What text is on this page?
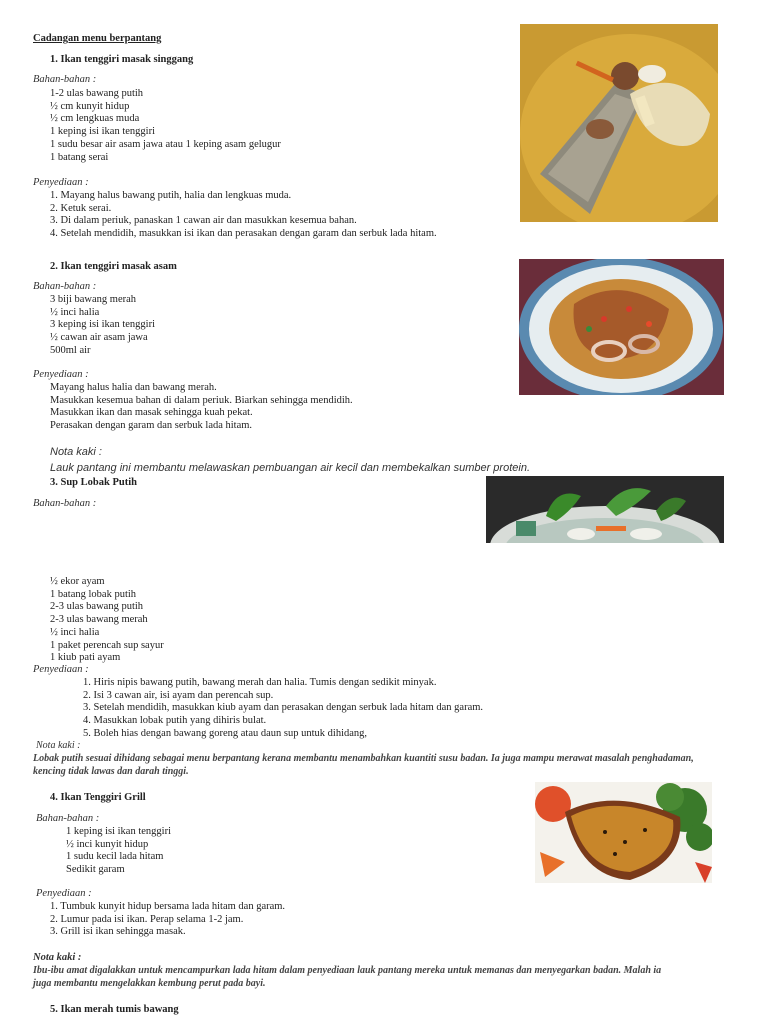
Cadangan menu berpantang
1. Ikan tenggiri masak singgang
Bahan-bahan :
1-2 ulas bawang putih
½ cm kunyit hidup
½ cm lengkuas muda
1 keping isi ikan tenggiri
1 sudu besar air asam jawa atau 1 keping asam gelugur
1 batang serai
Penyediaan :
1. Mayang halus bawang putih, halia dan lengkuas muda.
2. Ketuk serai.
3. Di dalam periuk, panaskan 1 cawan air dan masukkan kesemua bahan.
4. Setelah mendidih, masukkan isi ikan dan perasakan dengan garam dan serbuk lada hitam.
2. Ikan tenggiri masak asam
Bahan-bahan :
3 biji bawang merah
½ inci halia
3 keping isi ikan tenggiri
½ cawan air asam jawa
500ml air
Penyediaan :
Mayang halus halia dan bawang merah.
Masukkan kesemua bahan di dalam periuk. Biarkan sehingga mendidih.
Masukkan ikan dan masak sehingga kuah pekat.
Perasakan dengan garam dan serbuk lada hitam.
Nota kaki :
Lauk pantang ini membantu melawaskan pembuangan air kecil dan membekalkan sumber protein.
3. Sup Lobak Putih
Bahan-bahan :
½ ekor ayam
1 batang lobak putih
2-3 ulas bawang putih
2-3 ulas bawang merah
½ inci halia
1 paket perencah sup sayur
1 kiub pati ayam
Penyediaan :
1. Hiris nipis bawang putih, bawang merah dan halia. Tumis dengan sedikit minyak.
2. Isi 3 cawan air, isi ayam dan perencah sup.
3. Setelah mendidih, masukkan kiub ayam dan perasakan dengan serbuk lada hitam dan garam.
4. Masukkan lobak putih yang dihiris bulat.
5. Boleh hias dengan bawang goreng atau daun sup untuk dihidang,
Nota kaki :
Lobak putih sesuai dihidang sebagai menu berpantang kerana membantu menambahkan kuantiti susu badan. Ia juga mampu merawat masalah penghadaman,
kencing tidak lawas dan darah tinggi.
4. Ikan Tenggiri Grill
Bahan-bahan :
1 keping isi ikan tenggiri
½ inci kunyit hidup
1 sudu kecil lada hitam
Sedikit garam
Penyediaan :
1. Tumbuk kunyit hidup bersama lada hitam dan garam.
2. Lumur pada isi ikan. Perap selama 1-2 jam.
3. Grill isi ikan sehingga masak.
Nota kaki :
Ibu-ibu amat digalakkan untuk mencampurkan lada hitam dalam penyediaan lauk pantang mereka untuk memanas dan menyegarkan badan. Malah ia
juga membantu mengelakkan kembung perut pada bayi.
5. Ikan merah tumis bawang
